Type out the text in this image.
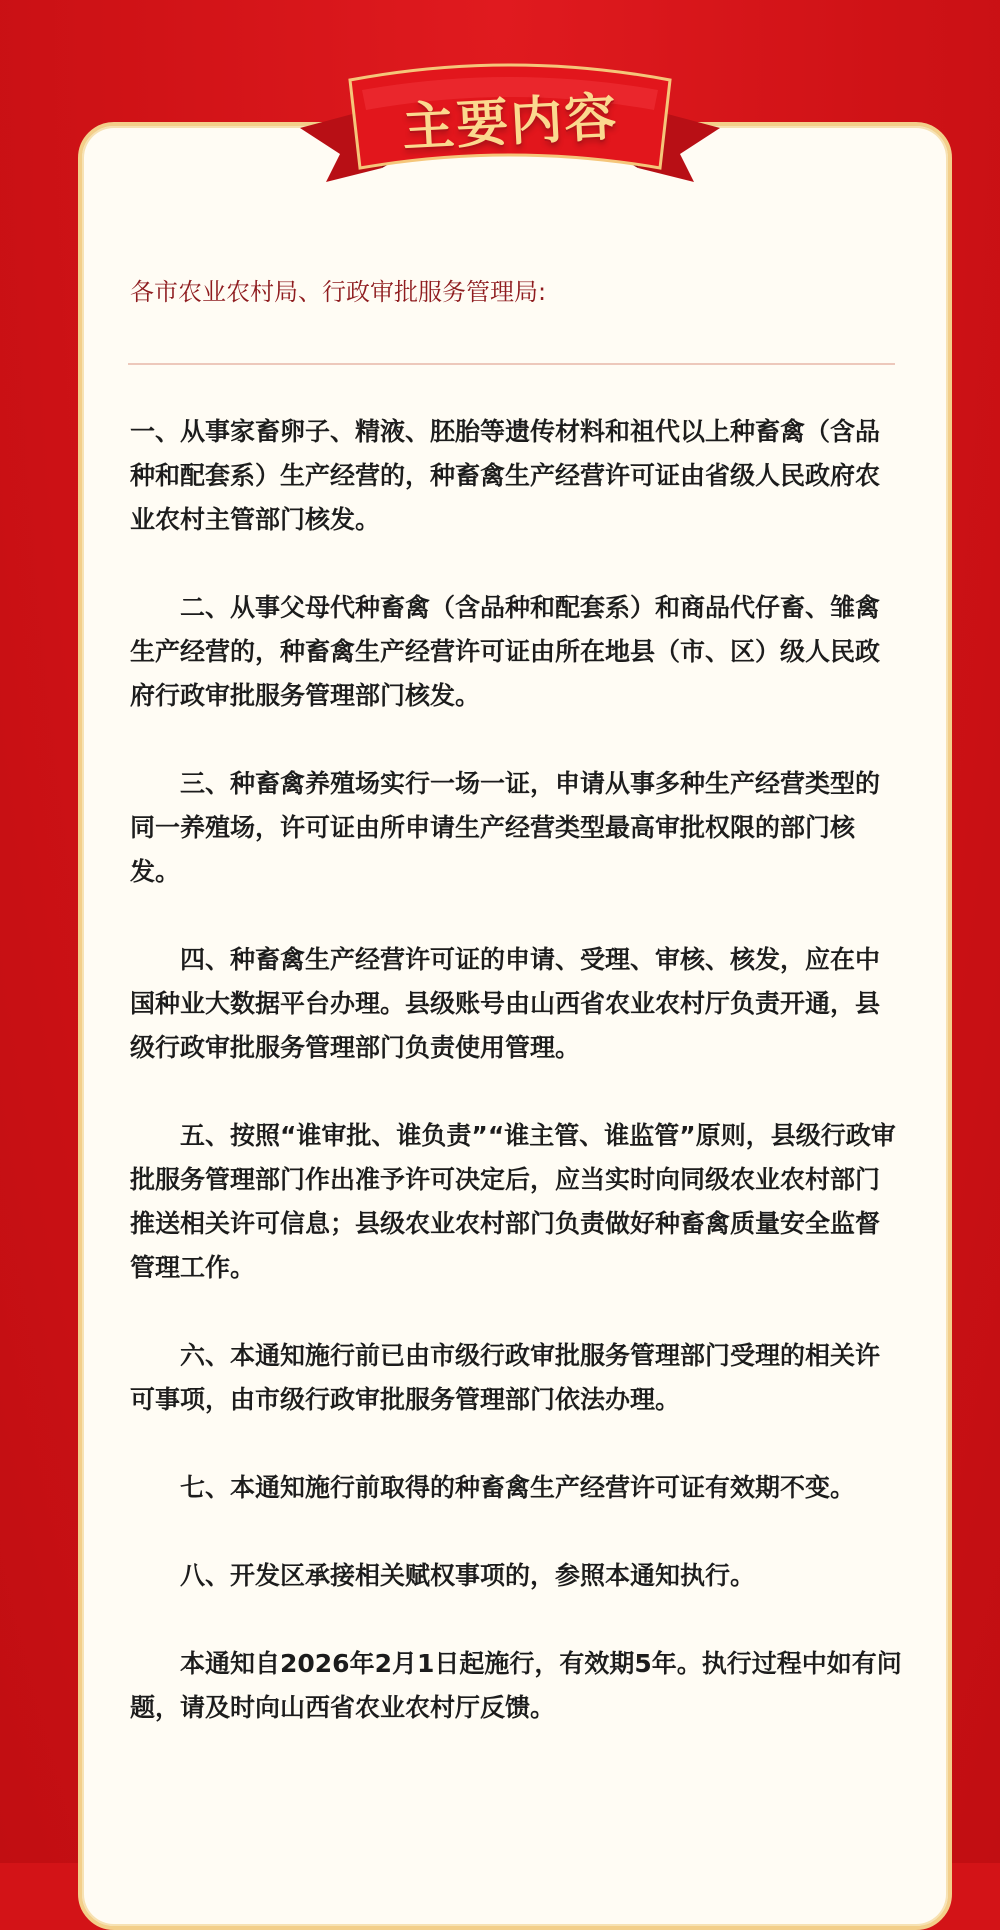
主要内容
各市农业农村局、行政审批服务管理局:

一、从事家畜卵子、精液、胚胎等遗传材料和祖代以上种畜禽（含品种和配套系）生产经营的，种畜禽生产经营许可证由省级人民政府农业农村主管部门核发。

二、从事父母代种畜禽（含品种和配套系）和商品代仔畜、雏禽生产经营的，种畜禽生产经营许可证由所在地县（市、区）级人民政府行政审批服务管理部门核发。

三、种畜禽养殖场实行一场一证，申请从事多种生产经营类型的同一养殖场，许可证由所申请生产经营类型最高审批权限的部门核发。

四、种畜禽生产经营许可证的申请、受理、审核、核发，应在中国种业大数据平台办理。县级账号由山西省农业农村厅负责开通，县级行政审批服务管理部门负责使用管理。

五、按照“谁审批、谁负责”“谁主管、谁监管”原则，县级行政审批服务管理部门作出准予许可决定后，应当实时向同级农业农村部门推送相关许可信息；县级农业农村部门负责做好种畜禽质量安全监督管理工作。

六、本通知施行前已由市级行政审批服务管理部门受理的相关许可事项，由市级行政审批服务管理部门依法办理。

七、本通知施行前取得的种畜禽生产经营许可证有效期不变。

八、开发区承接相关赋权事项的，参照本通知执行。

本通知自2026年2月1日起施行，有效期5年。执行过程中如有问题，请及时向山西省农业农村厅反馈。
